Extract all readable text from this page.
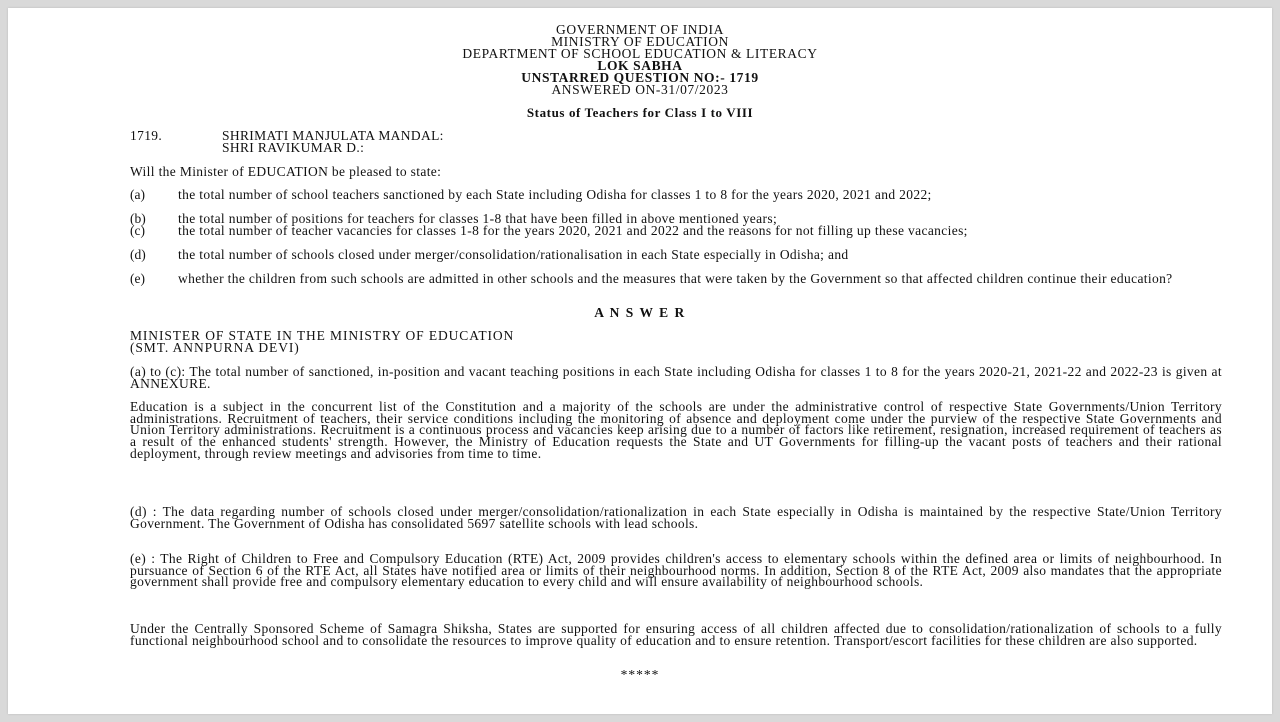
GOVERNMENT OF INDIA
MINISTRY OF EDUCATION
DEPARTMENT OF SCHOOL EDUCATION & LITERACY
LOK SABHA
UNSTARRED QUESTION NO:- 1719
ANSWERED ON-31/07/2023
Status of Teachers for Class I to VIII
1719.	SHRIMATI MANJULATA MANDAL:
SHRI RAVIKUMAR D.:
Will the Minister of EDUCATION be pleased to state:
(a) the total number of school teachers sanctioned by each State including Odisha for classes 1 to 8 for the years 2020, 2021 and 2022;
(b) the total number of positions for teachers for classes 1-8 that have been filled in above mentioned years;
(c) the total number of teacher vacancies for classes 1-8 for the years 2020, 2021 and 2022 and the reasons for not filling up these vacancies;
(d) the total number of schools closed under merger/consolidation/rationalisation in each State especially in Odisha; and
(e) whether the children from such schools are admitted in other schools and the measures that were taken by the Government so that affected children continue their education?
A N S W E R
MINISTER OF STATE IN THE MINISTRY OF EDUCATION
(SMT. ANNPURNA DEVI)
(a) to (c): The total number of sanctioned, in-position and vacant teaching positions in each State including Odisha for classes 1 to 8 for the years 2020-21, 2021-22 and 2022-23 is given at ANNEXURE.
Education is a subject in the concurrent list of the Constitution and a majority of the schools are under the administrative control of respective State Governments/Union Territory administrations. Recruitment of teachers, their service conditions including the monitoring of absence and deployment come under the purview of the respective State Governments and Union Territory administrations. Recruitment is a continuous process and vacancies keep arising due to a number of factors like retirement, resignation, increased requirement of teachers as a result of the enhanced students' strength. However, the Ministry of Education requests the State and UT Governments for filling-up the vacant posts of teachers and their rational deployment, through review meetings and advisories from time to time.
(d) : The data regarding number of schools closed under merger/consolidation/rationalization in each State especially in Odisha is maintained by the respective State/Union Territory Government. The Government of Odisha has consolidated 5697 satellite schools with lead schools.
(e) : The Right of Children to Free and Compulsory Education (RTE) Act, 2009 provides children's access to elementary schools within the defined area or limits of neighbourhood. In pursuance of Section 6 of the RTE Act, all States have notified area or limits of their neighbourhood norms. In addition, Section 8 of the RTE Act, 2009 also mandates that the appropriate government shall provide free and compulsory elementary education to every child and will ensure availability of neighbourhood schools.
Under the Centrally Sponsored Scheme of Samagra Shiksha, States are supported for ensuring access of all children affected due to consolidation/rationalization of schools to a fully functional neighbourhood school and to consolidate the resources to improve quality of education and to ensure retention. Transport/escort facilities for these children are also supported.
*****
